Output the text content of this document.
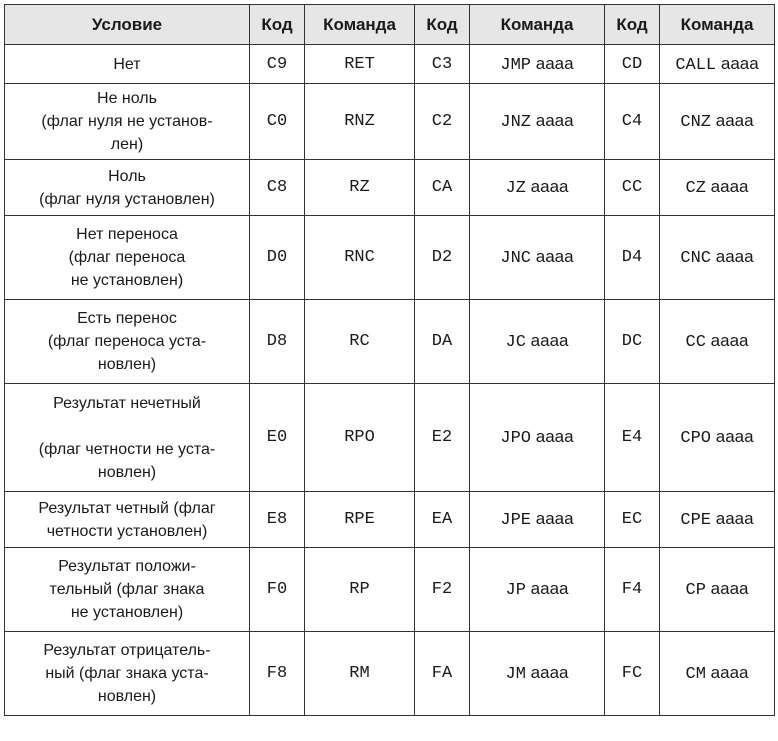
Условие	Код	Команда	Код	Команда	Код	Команда

Нет	C9	RET	C3	JMP aaaa	CD	CALL aaaa

Не ноль
(флаг нуля не установ-
лен)	C0	RNZ	C2	JNZ aaaa	C4	CNZ aaaa

Ноль
(флаг нуля установлен)	C8	RZ	CA	JZ aaaa	CC	CZ aaaa

Нет переноса
(флаг переноса
не установлен)	D0	RNC	D2	JNC aaaa	D4	CNC aaaa

Есть перенос
(флаг переноса уста-
новлен)	D8	RC	DA	JC aaaa	DC	CC aaaa

Результат нечетный
(флаг четности не уста-
новлен)	E0	RPO	E2	JPO aaaa	E4	CPO aaaa

Результат четный (флаг
четности установлен)	E8	RPE	EA	JPE aaaa	EC	CPE aaaa

Результат положи-
тельный (флаг знака
не установлен)	F0	RP	F2	JP aaaa	F4	CP aaaa

Результат отрицатель-
ный (флаг знака уста-
новлен)	F8	RM	FA	JM aaaa	FC	CM aaaa
